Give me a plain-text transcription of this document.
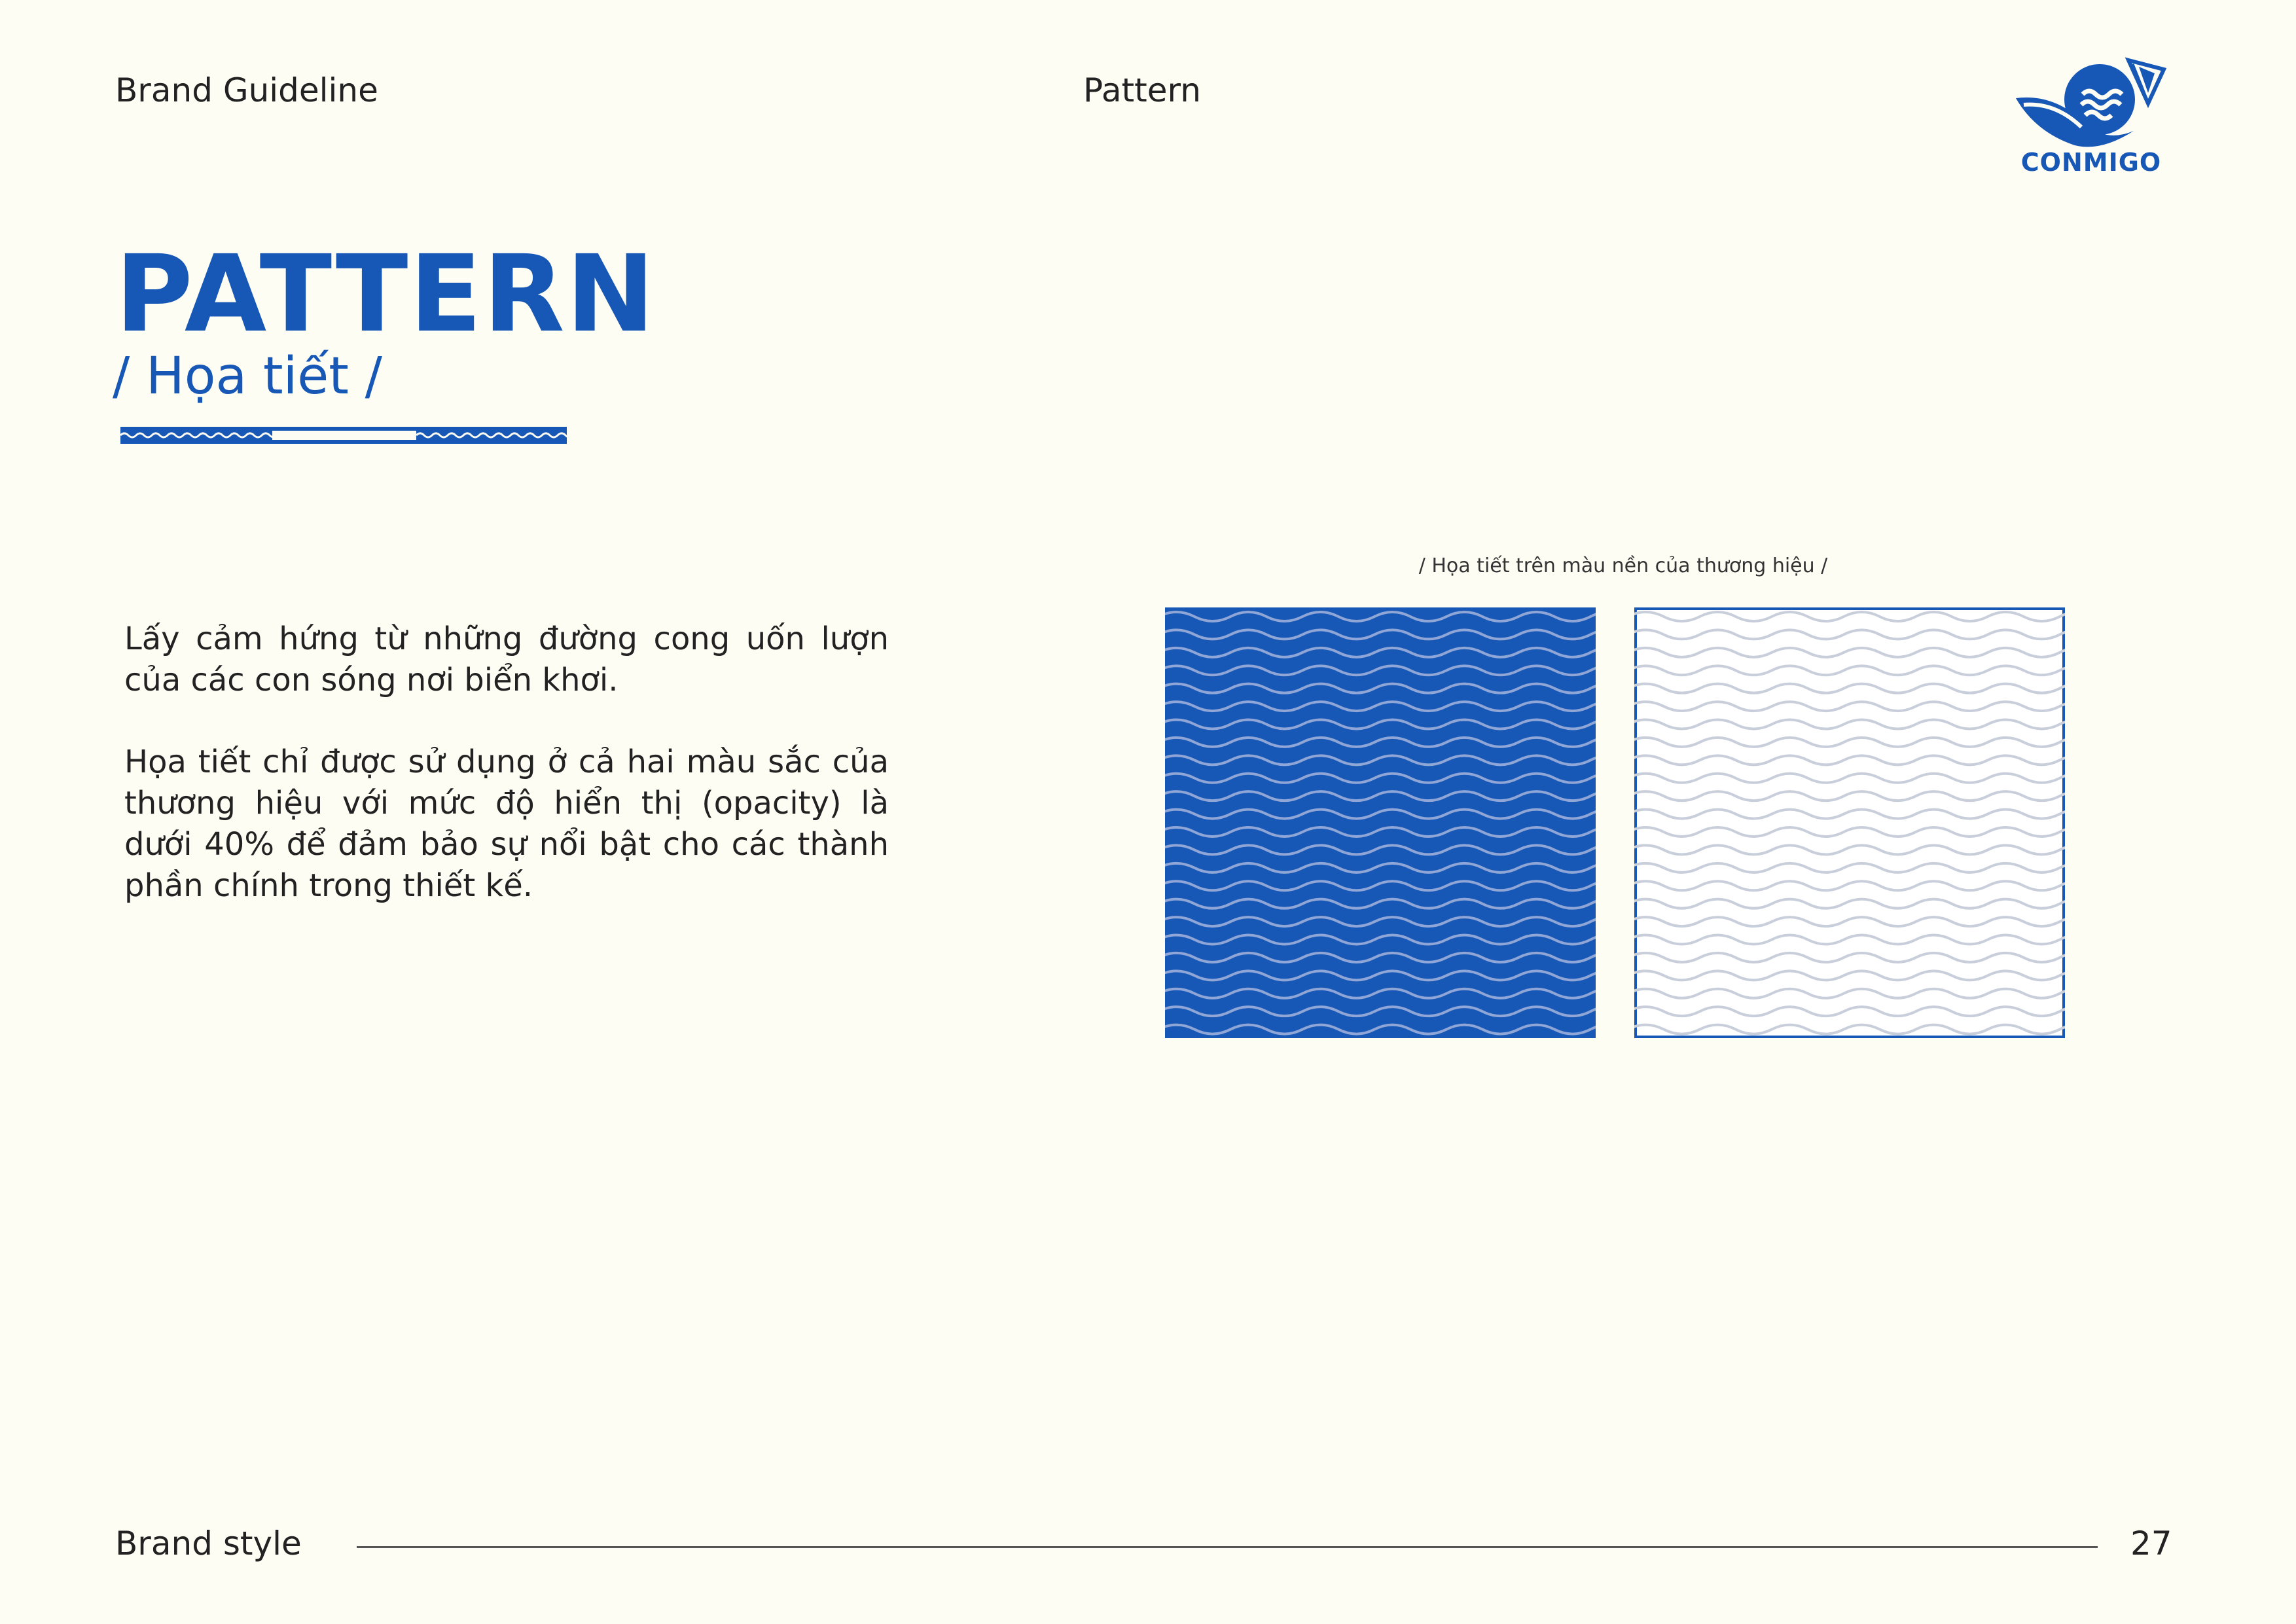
Brand Guideline	Pattern
CONMIGO
PATTERN
/ Họa tiết /
Lấy cảm hứng từ những đường cong uốn lượn của các con sóng nơi biển khơi.
Họa tiết chỉ được sử dụng ở cả hai màu sắc của thương hiệu với mức độ hiển thị (opacity) là dưới 40% để đảm bảo sự nổi bật cho các thành phần chính trong thiết kế.
/ Họa tiết trên màu nền của thương hiệu /
Brand style	27
